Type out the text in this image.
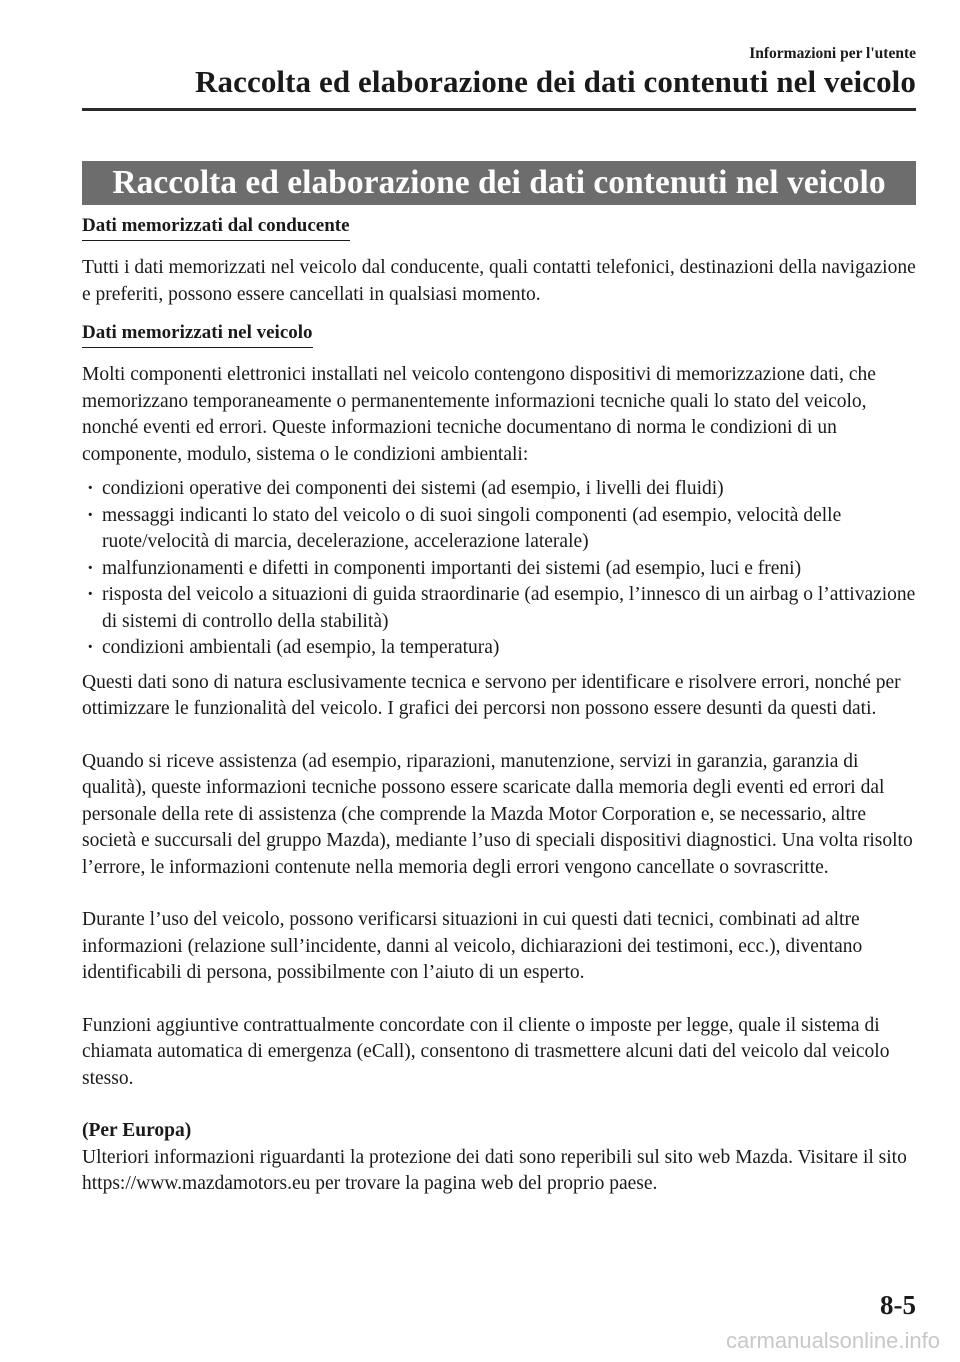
Informazioni per l'utente
Raccolta ed elaborazione dei dati contenuti nel veicolo
Raccolta ed elaborazione dei dati contenuti nel veicolo
Dati memorizzati dal conducente

Tutti i dati memorizzati nel veicolo dal conducente, quali contatti telefonici, destinazioni della navigazione e preferiti, possono essere cancellati in qualsiasi momento.

Dati memorizzati nel veicolo

Molti componenti elettronici installati nel veicolo contengono dispositivi di memorizzazione dati, che memorizzano temporaneamente o permanentemente informazioni tecniche quali lo stato del veicolo, nonché eventi ed errori. Queste informazioni tecniche documentano di norma le condizioni di un componente, modulo, sistema o le condizioni ambientali:

· condizioni operative dei componenti dei sistemi (ad esempio, i livelli dei fluidi)
· messaggi indicanti lo stato del veicolo o di suoi singoli componenti (ad esempio, velocità delle ruote/velocità di marcia, decelerazione, accelerazione laterale)
· malfunzionamenti e difetti in componenti importanti dei sistemi (ad esempio, luci e freni)
· risposta del veicolo a situazioni di guida straordinarie (ad esempio, l’innesco di un airbag o l’attivazione di sistemi di controllo della stabilità)
· condizioni ambientali (ad esempio, la temperatura)

Questi dati sono di natura esclusivamente tecnica e servono per identificare e risolvere errori, nonché per ottimizzare le funzionalità del veicolo. I grafici dei percorsi non possono essere desunti da questi dati.

Quando si riceve assistenza (ad esempio, riparazioni, manutenzione, servizi in garanzia, garanzia di qualità), queste informazioni tecniche possono essere scaricate dalla memoria degli eventi ed errori dal personale della rete di assistenza (che comprende la Mazda Motor Corporation e, se necessario, altre società e succursali del gruppo Mazda), mediante l’uso di speciali dispositivi diagnostici. Una volta risolto l’errore, le informazioni contenute nella memoria degli errori vengono cancellate o sovrascritte.

Durante l’uso del veicolo, possono verificarsi situazioni in cui questi dati tecnici, combinati ad altre informazioni (relazione sull’incidente, danni al veicolo, dichiarazioni dei testimoni, ecc.), diventano identificabili di persona, possibilmente con l’aiuto di un esperto.

Funzioni aggiuntive contrattualmente concordate con il cliente o imposte per legge, quale il sistema di chiamata automatica di emergenza (eCall), consentono di trasmettere alcuni dati del veicolo dal veicolo stesso.

(Per Europa)

Ulteriori informazioni riguardanti la protezione dei dati sono reperibili sul sito web Mazda. Visitare il sito https://www.mazdamotors.eu per trovare la pagina web del proprio paese.

8-5
carmanualsonline.info
